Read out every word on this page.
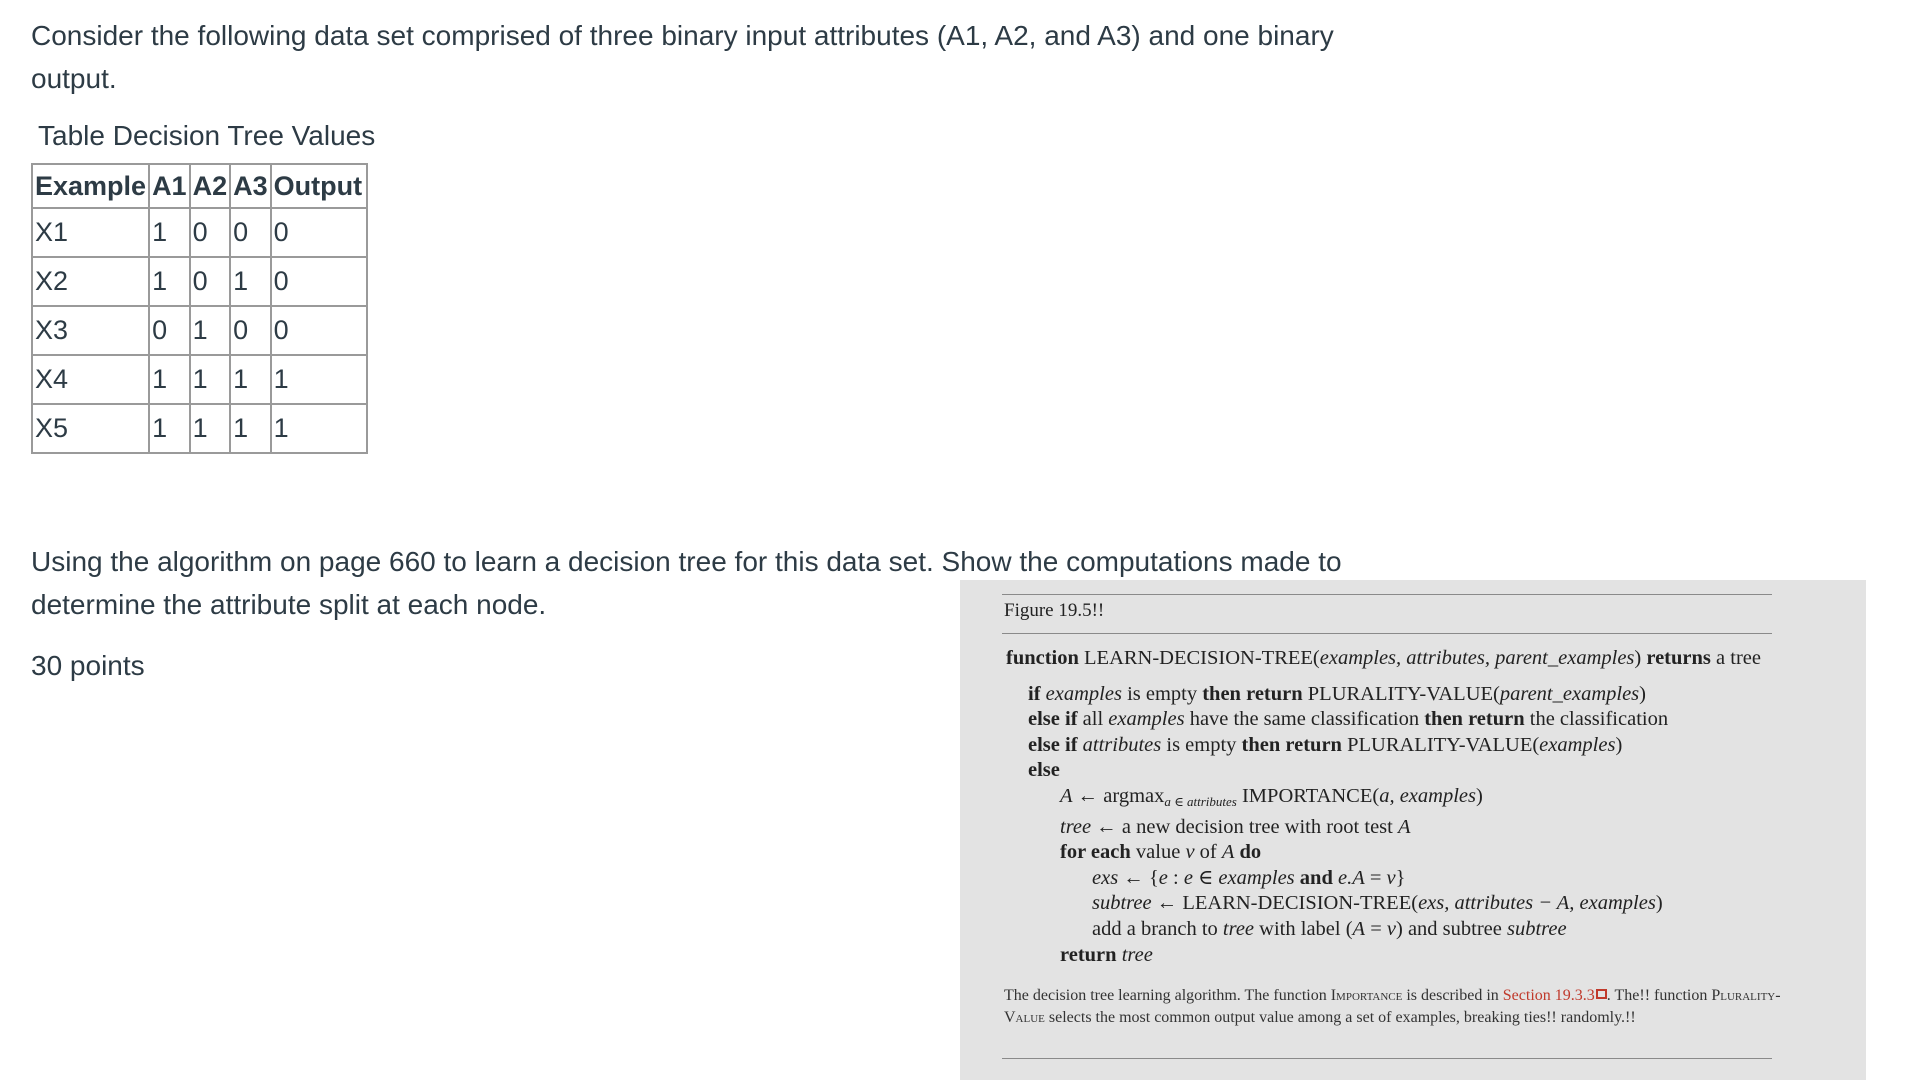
Consider the following data set comprised of three binary input attributes (A1, A2, and A3) and one binary output.

Table Decision Tree Values
Example	A1	A2	A3	Output
X1	1	0	0	0
X2	1	0	1	0
X3	0	1	0	0
X4	1	1	1	1
X5	1	1	1	1

Using the algorithm on page 660 to learn a decision tree for this data set. Show the computations made to determine the attribute split at each node.

30 points
Figure 19.5!!
function LEARN-DECISION-TREE(examples, attributes, parent_examples) returns a tree
if examples is empty then return PLURALITY-VALUE(parent_examples)
else if all examples have the same classification then return the classification
else if attributes is empty then return PLURALITY-VALUE(examples)
else
A ← argmax$_{a \in attributes}$ IMPORTANCE(a, examples)
tree ← a new decision tree with root test A
for each value v of A do
exs ← {e : e ∈ examples and e.A = v}
subtree ← LEARN-DECISION-TREE(exs, attributes − A, examples)
add a branch to tree with label (A = v) and subtree subtree
return tree
The decision tree learning algorithm. The function Importance is described in Section 19.3.3 . The!! function Plurality-Value selects the most common output value among a set of examples, breaking ties!! randomly.!!
